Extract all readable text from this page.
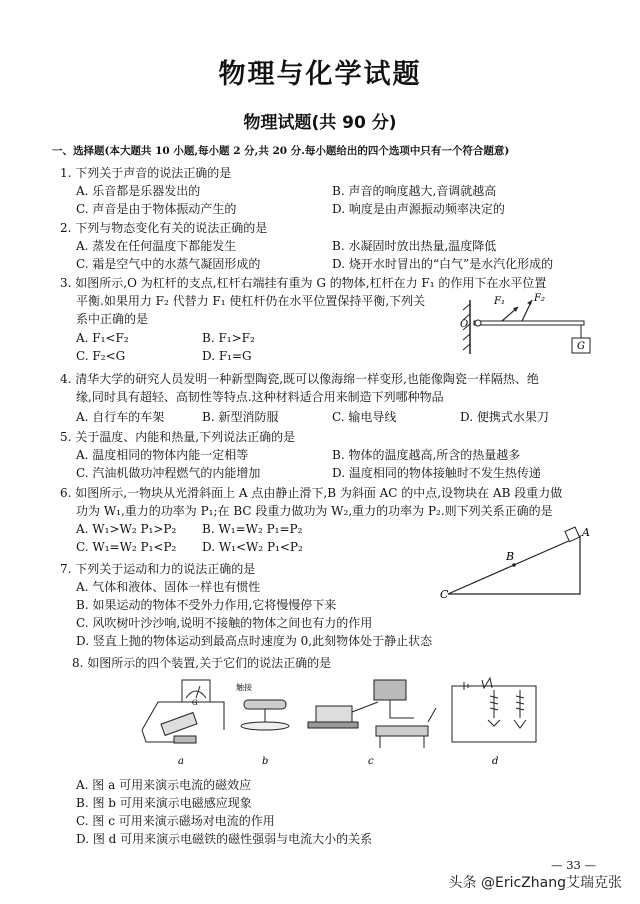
物理与化学试题
物理试题(共 90 分)
一、选择题(本大题共 10 小题,每小题 2 分,共 20 分.每小题给出的四个选项中只有一个符合题意)
1. 下列关于声音的说法正确的是
A. 乐音都是乐器发出的	B. 声音的响度越大,音调就越高
C. 声音是由于物体振动产生的	D. 响度是由声源振动频率决定的
2. 下列与物态变化有关的说法正确的是
A. 蒸发在任何温度下都能发生	B. 水凝固时放出热量,温度降低
C. 霜是空气中的水蒸气凝固形成的	D. 烧开水时冒出的“白气”是水汽化形成的
3. 如图所示,O 为杠杆的支点,杠杆右端挂有重为 G 的物体,杠杆在力 F₁ 的作用下在水平位置
平衡.如果用力 F₂ 代替力 F₁ 使杠杆仍在水平位置保持平衡,下列关
系中正确的是
A. F₁<F₂	B. F₁>F₂
C. F₂<G	D. F₁=G
O
F₁	F₂
G
4. 清华大学的研究人员发明一种新型陶瓷,既可以像海绵一样变形,也能像陶瓷一样隔热、绝
缘,同时具有超轻、高韧性等特点.这种材料适合用来制造下列哪种物品
A. 自行车的车架	B. 新型消防服	C. 输电导线	D. 便携式水果刀
5. 关于温度、内能和热量,下列说法正确的是
A. 温度相同的物体内能一定相等	B. 物体的温度越高,所含的热量越多
C. 汽油机做功冲程燃气的内能增加	D. 温度相同的物体接触时不发生热传递
6. 如图所示,一物块从光滑斜面上 A 点由静止滑下,B 为斜面 AC 的中点,设物块在 AB 段重力做
功为 W₁,重力的功率为 P₁;在 BC 段重力做功为 W₂,重力的功率为 P₂.则下列关系正确的是
A. W₁>W₂ P₁>P₂ B. W₁=W₂ P₁=P₂
C. W₁=W₂ P₁<P₂ D. W₁<W₂ P₁<P₂
7. 下列关于运动和力的说法正确的是
A. 气体和液体、固体一样也有惯性
B. 如果运动的物体不受外力作用,它将慢慢停下来
C. 风吹树叶沙沙响,说明不接触的物体之间也有力的作用
D. 竖直上抛的物体运动到最高点时速度为 0,此刻物体处于静止状态
B
A
C
8. 如图所示的四个装置,关于它们的说法正确的是
G
a
触接
b	c	d
A. 图 a 可用来演示电流的磁效应
B. 图 b 可用来演示电磁感应现象
C. 图 c 可用来演示磁场对电流的作用
D. 图 d 可用来演示电磁铁的磁性强弱与电流大小的关系
— 33 —
头条 @EricZhang艾瑞克张
